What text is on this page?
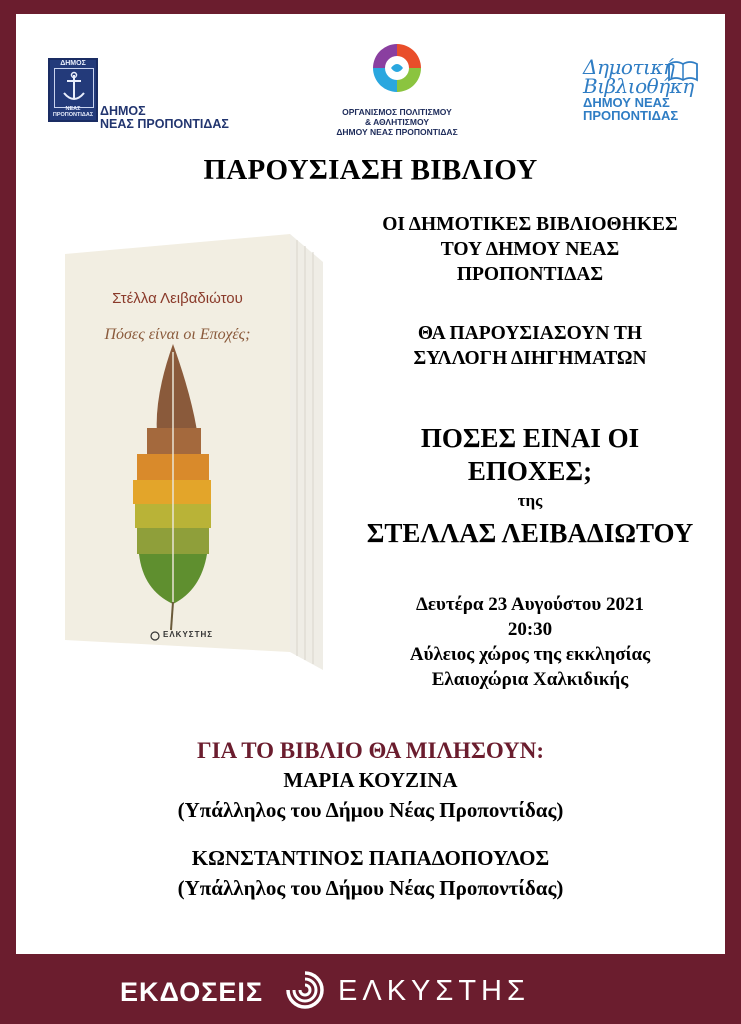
ΔΗΜΟΣ
ΝΕΑΣ ΠΡΟΠΟΝΤΙΔΑΣ ΔΗΜΟΣ
ΝΕΑΣ ΠΡΟΠΟΝΤΙΔΑΣ
ΟΡΓΑΝΙΣΜΟΣ ΠΟΛΙΤΙΣΜΟΥ
& ΑΘΛΗΤΙΣΜΟΥ
ΔΗΜΟΥ ΝΕΑΣ ΠΡΟΠΟΝΤΙΔΑΣ
Δημοτική
Βιβλιοθήκη
ΔΗΜΟΥ ΝΕΑΣ
ΠΡΟΠΟΝΤΙΔΑΣ
ΠΑΡΟΥΣΙΑΣΗ ΒΙΒΛΙΟΥ
Στέλλα Λειβαδιώτου
Πόσες είναι οι Εποχές;
ΕΛΚΥΣΤΗΣ
ΟΙ ΔΗΜΟΤΙΚΕΣ ΒΙΒΛΙΟΘΗΚΕΣ
ΤΟΥ ΔΗΜΟΥ ΝΕΑΣ
ΠΡΟΠΟΝΤΙΔΑΣ
ΘΑ ΠΑΡΟΥΣΙΑΣΟΥΝ ΤΗ
ΣΥΛΛΟΓΗ ΔΙΗΓΗΜΑΤΩΝ
ΠΟΣΕΣ ΕΙΝΑΙ ΟΙ
ΕΠΟΧΕΣ;
της
ΣΤΕΛΛΑΣ ΛΕΙΒΑΔΙΩΤΟΥ
Δευτέρα 23 Αυγούστου 2021
20:30
Αύλειος χώρος της εκκλησίας
Ελαιοχώρια Χαλκιδικής
ΓΙΑ ΤΟ ΒΙΒΛΙΟ ΘΑ ΜΙΛΗΣΟΥΝ:
ΜΑΡΙΑ ΚΟΥΖΙΝΑ
(Υπάλληλος του Δήμου Νέας Προποντίδας)
ΚΩΝΣΤΑΝΤΙΝΟΣ ΠΑΠΑΔΟΠΟΥΛΟΣ
(Υπάλληλος του Δήμου Νέας Προποντίδας)
ΕΚΔΟΣΕΙΣ	ΕΛΚΥΣΤΗΣ
